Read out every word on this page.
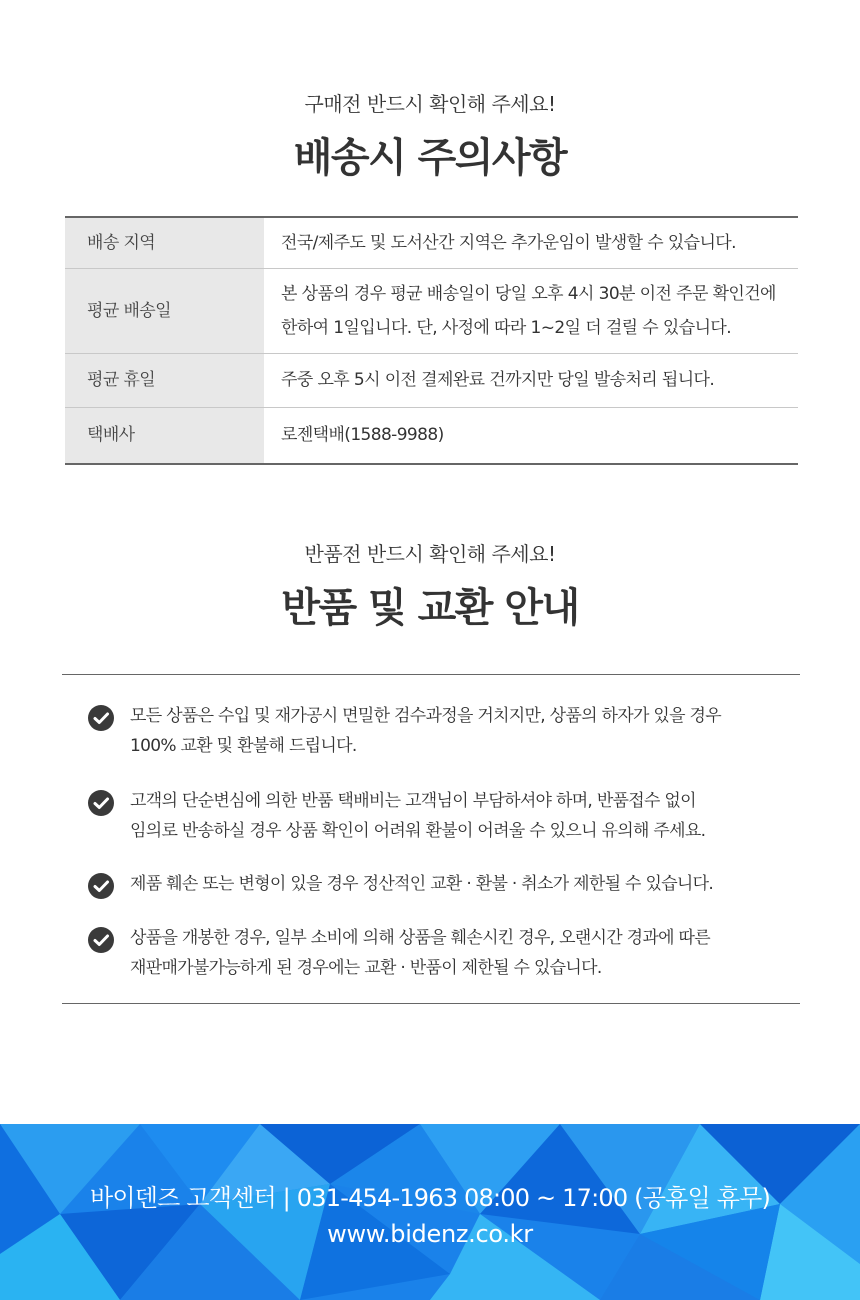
구매전 반드시 확인해 주세요!
배송시 주의사항
배송 지역	전국/제주도 및 도서산간 지역은 추가운임이 발생할 수 있습니다.
평균 배송일	본 상품의 경우 평균 배송일이 당일 오후 4시 30분 이전 주문 확인건에 한하여 1일입니다. 단, 사정에 따라 1~2일 더 걸릴 수 있습니다.
평균 휴일	주중 오후 5시 이전 결제완료 건까지만 당일 발송처리 됩니다.
택배사	로젠택배(1588-9988)
반품전 반드시 확인해 주세요!
반품 및 교환 안내
모든 상품은 수입 및 재가공시 면밀한 검수과정을 거치지만, 상품의 하자가 있을 경우
100% 교환 및 환불해 드립니다.
고객의 단순변심에 의한 반품 택배비는 고객님이 부담하셔야 하며, 반품접수 없이
임의로 반송하실 경우 상품 확인이 어려워 환불이 어려울 수 있으니 유의해 주세요.
제품 훼손 또는 변형이 있을 경우 정산적인 교환 · 환불 · 취소가 제한될 수 있습니다.
상품을 개봉한 경우, 일부 소비에 의해 상품을 훼손시킨 경우, 오랜시간 경과에 따른
재판매가불가능하게 된 경우에는 교환 · 반품이 제한될 수 있습니다.
바이덴즈 고객센터 | 031-454-1963 08:00 ~ 17:00 (공휴일 휴무)
www.bidenz.co.kr
